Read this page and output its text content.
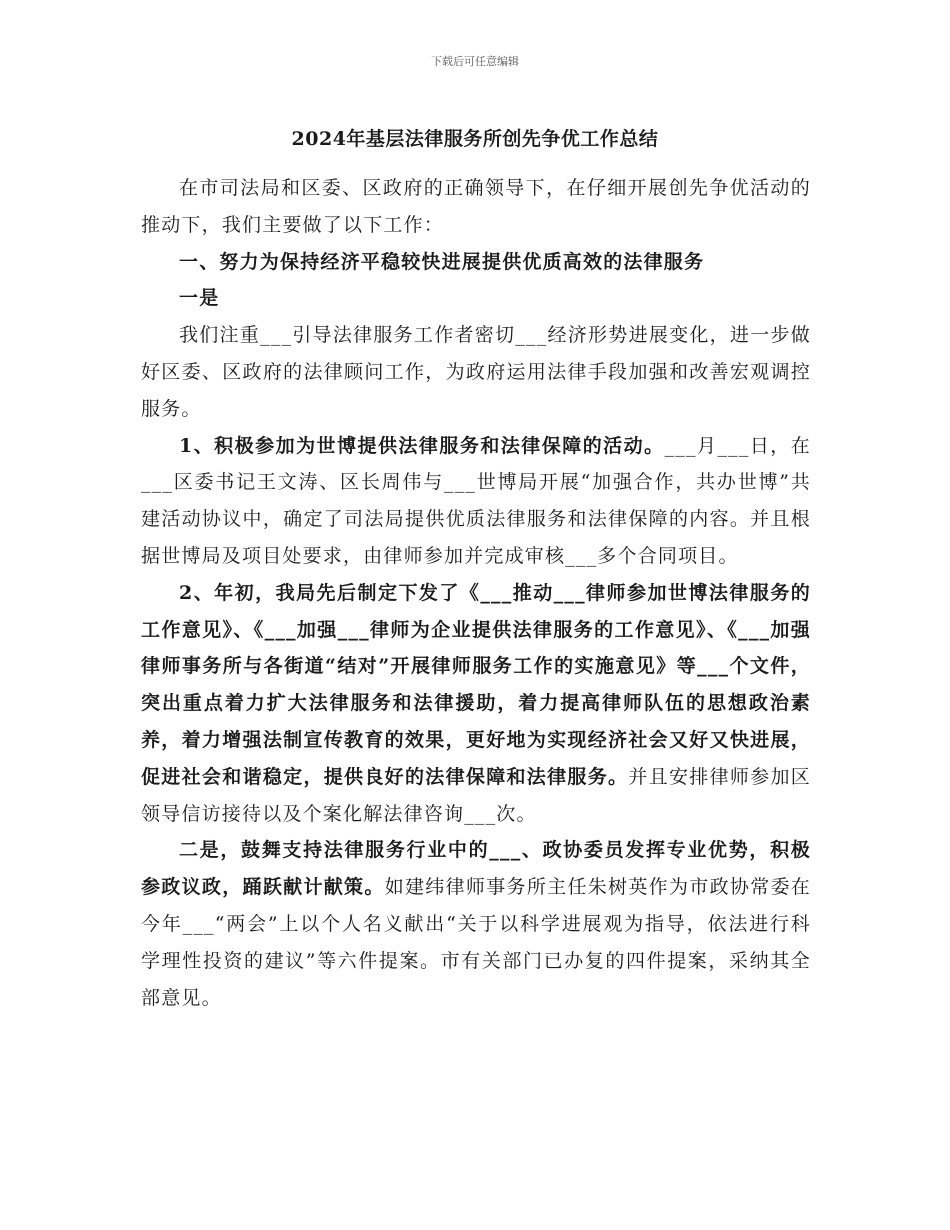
下载后可任意编辑
2024年基层法律服务所创先争优工作总结

在市司法局和区委、区政府的正确领导下，在仔细开展创先争优活动的推动下，我们主要做了以下工作：

一、努力为保持经济平稳较快进展提供优质高效的法律服务

一是

我们注重___引导法律服务工作者密切___经济形势进展变化，进一步做好区委、区政府的法律顾问工作，为政府运用法律手段加强和改善宏观调控服务。

1、积极参加为世博提供法律服务和法律保障的活动。___月___日，在___区委书记王文涛、区长周伟与___世博局开展“加强合作，共办世博”共建活动协议中，确定了司法局提供优质法律服务和法律保障的内容。并且根据世博局及项目处要求，由律师参加并完成审核___多个合同项目。

2、年初，我局先后制定下发了《___推动___律师参加世博法律服务的工作意见》、《___加强___律师为企业提供法律服务的工作意见》、《___加强律师事务所与各街道“结对”开展律师服务工作的实施意见》等___个文件，突出重点着力扩大法律服务和法律援助，着力提高律师队伍的思想政治素养，着力增强法制宣传教育的效果，更好地为实现经济社会又好又快进展，促进社会和谐稳定，提供良好的法律保障和法律服务。并且安排律师参加区领导信访接待以及个案化解法律咨询___次。

二是，鼓舞支持法律服务行业中的___、政协委员发挥专业优势，积极参政议政，踊跃献计献策。如建纬律师事务所主任朱树英作为市政协常委在今年___“两会”上以个人名义献出“关于以科学进展观为指导，依法进行科学理性投资的建议”等六件提案。市有关部门已办复的四件提案，采纳其全部意见。
